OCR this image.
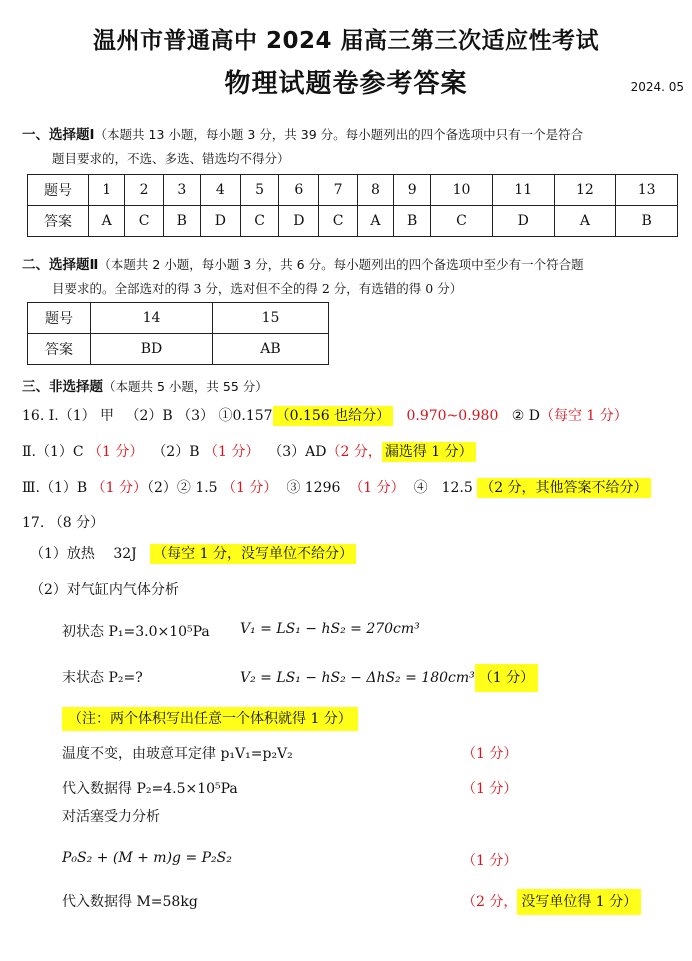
温州市普通高中 2024 届高三第三次适应性考试
物理试题卷参考答案	2024. 05
一、选择题Ⅰ（本题共 13 小题，每小题 3 分，共 39 分。每小题列出的四个备选项中只有一个是符合
题目要求的，不选、多选、错选均不得分）
题号	1	2	3	4	5	6	7	8	9	10	11	12	13
答案	A	C	B	D	C	D	C	A	B	C	D	A	B
二、选择题Ⅱ（本题共 2 小题，每小题 3 分，共 6 分。每小题列出的四个备选项中至少有一个符合题
目要求的。全部选对的得 3 分，选对但不全的得 2 分，有选错的得 0 分）
题号	14	15
答案	BD	AB
三、非选择题（本题共 5 小题，共 55 分）
16. Ⅰ.（1） 甲 　（2）B （3） ①0.157 （0.156 也给分） 0.970~0.980 ② D（每空 1 分）
Ⅱ.（1）C （1 分） （2）B （1 分） （3）AD（2 分， 漏选得 1 分）
Ⅲ.（1）B （1 分）（2）② 1.5 （1 分） ③ 1296 （1 分） ④　12.5 （2 分，其他答案不给分）
17. （8 分）
（1）放热　 32J （每空 1 分，没写单位不给分）
（2）对气缸内气体分析
初状态 P₁=3.0×10⁵Pa V₁ = LS₁ − hS₂ = 270cm³
末状态 P₂=?	V₂ = LS₁ − hS₂ − ΔhS₂ = 180cm³ （1 分）
（注：两个体积写出任意一个体积就得 1 分）
温度不变，由玻意耳定律 p₁V₁=p₂V₂	（1 分）
代入数据得 P₂=4.5×10⁵Pa	（1 分）
对活塞受力分析
P₀S₂ + (M + m)g = P₂S₂	（1 分）
代入数据得 M=58kg	（2 分， 没写单位得 1 分）
